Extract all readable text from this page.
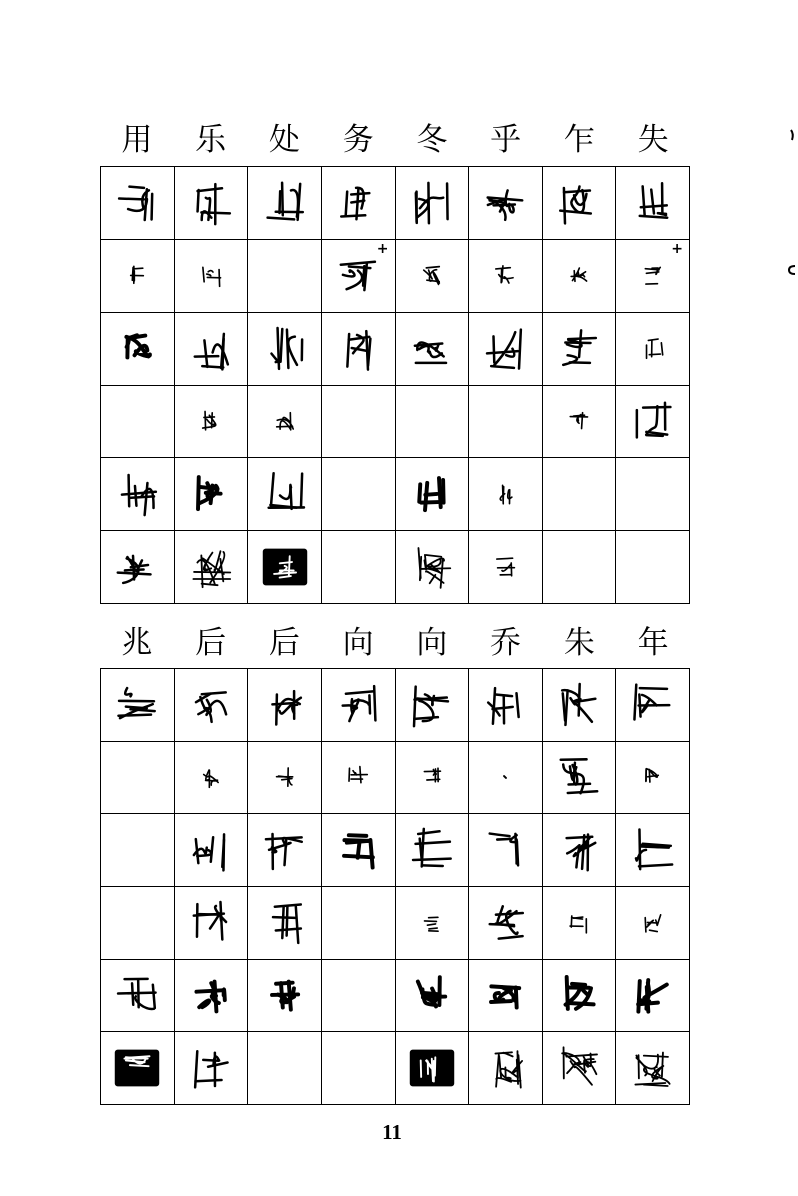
用 乐 处 务 冬 乎 乍 失
+	+
兆 后 后 向 向 乔 朱 年
11
